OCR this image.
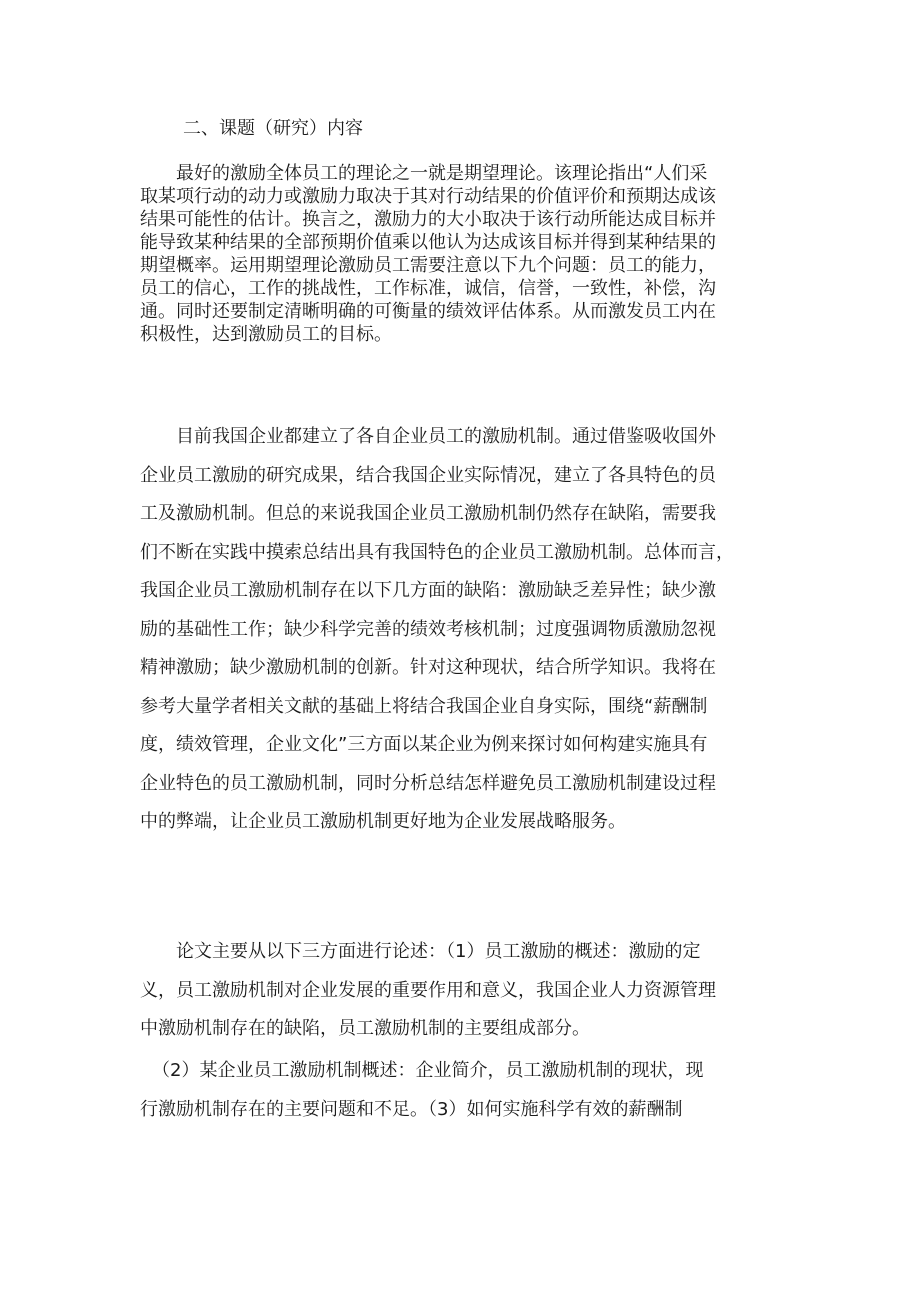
二、课题（研究）内容
最好的激励全体员工的理论之一就是期望理论。该理论指出“人们采
取某项行动的动力或激励力取决于其对行动结果的价值评价和预期达成该
结果可能性的估计。换言之，激励力的大小取决于该行动所能达成目标并
能导致某种结果的全部预期价值乘以他认为达成该目标并得到某种结果的
期望概率。运用期望理论激励员工需要注意以下九个问题：员工的能力，
员工的信心，工作的挑战性，工作标准，诚信，信誉，一致性，补偿，沟
通。同时还要制定清晰明确的可衡量的绩效评估体系。从而激发员工内在
积极性，达到激励员工的目标。
目前我国企业都建立了各自企业员工的激励机制。通过借鉴吸收国外
企业员工激励的研究成果，结合我国企业实际情况，建立了各具特色的员
工及激励机制。但总的来说我国企业员工激励机制仍然存在缺陷，需要我
们不断在实践中摸索总结出具有我国特色的企业员工激励机制。总体而言，
我国企业员工激励机制存在以下几方面的缺陷：激励缺乏差异性；缺少激
励的基础性工作；缺少科学完善的绩效考核机制；过度强调物质激励忽视
精神激励；缺少激励机制的创新。针对这种现状，结合所学知识。我将在
参考大量学者相关文献的基础上将结合我国企业自身实际，围绕“薪酬制
度，绩效管理，企业文化”三方面以某企业为例来探讨如何构建实施具有
企业特色的员工激励机制，同时分析总结怎样避免员工激励机制建设过程
中的弊端，让企业员工激励机制更好地为企业发展战略服务。
论文主要从以下三方面进行论述：（1）员工激励的概述：激励的定
义，员工激励机制对企业发展的重要作用和意义，我国企业人力资源管理
中激励机制存在的缺陷，员工激励机制的主要组成部分。
（2）某企业员工激励机制概述：企业简介，员工激励机制的现状，现
行激励机制存在的主要问题和不足。（3）如何实施科学有效的薪酬制
